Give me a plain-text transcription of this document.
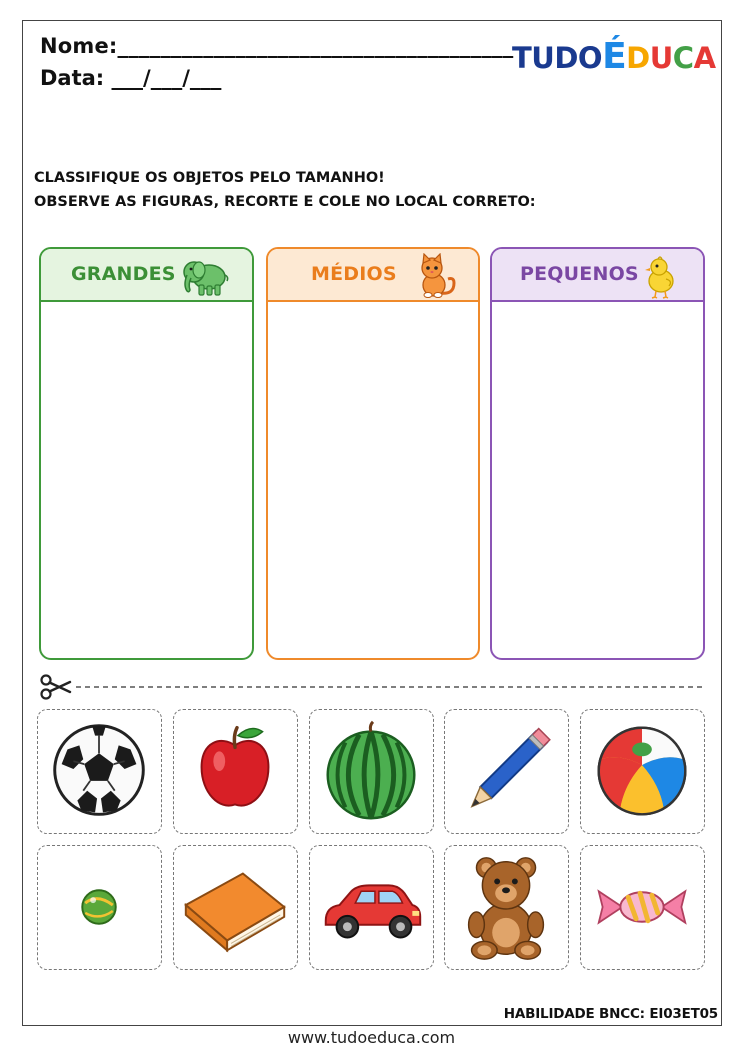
Nome:_____________________________________
Data: ___/___/___
TUDOÉDUCA
CLASSIFIQUE OS OBJETOS PELO TAMANHO!
OBSERVE AS FIGURAS, RECORTE E COLE NO LOCAL CORRETO:
GRANDES	MÉDIOS	PEQUENOS
HABILIDADE BNCC: EI03ET05
www.tudoeduca.com
